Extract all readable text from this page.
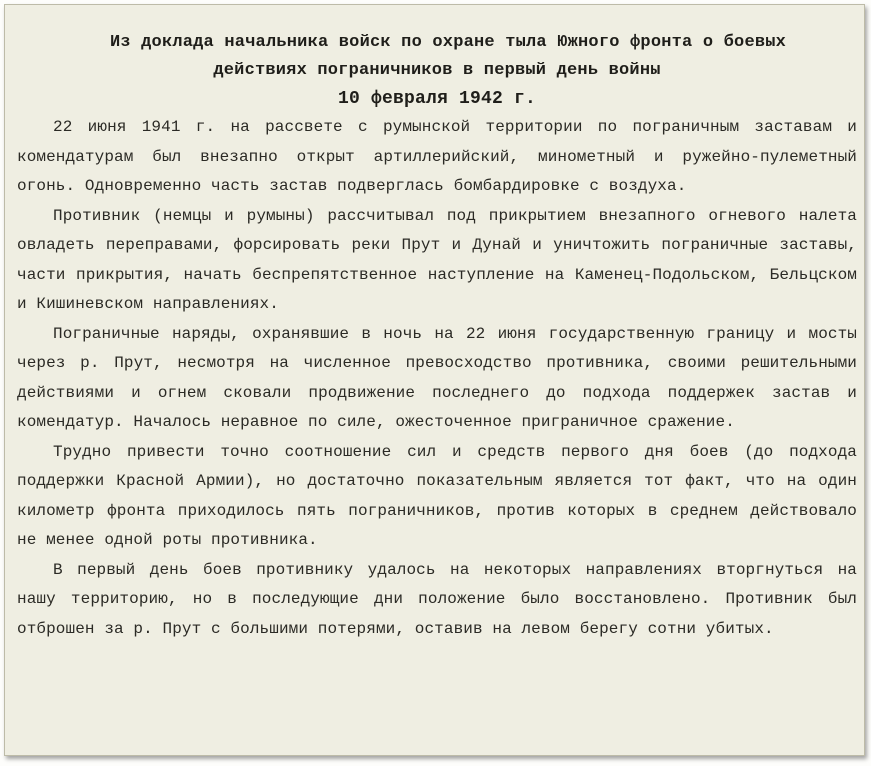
Из доклада начальника войск по охране тыла Южного фронта о боевых
действиях пограничников в первый день войны
10 февраля 1942 г.

22 июня 1941 г. на рассвете с румынской территории по пограничным заставам и комендатурам был внезапно открыт артиллерийский, минометный и ружейно-пулеметный огонь. Одновременно часть застав подверглась бомбардировке с воздуха.

Противник (немцы и румыны) рассчитывал под прикрытием внезапного огневого налета овладеть переправами, форсировать реки Прут и Дунай и уничтожить пограничные заставы, части прикрытия, начать беспрепятственное наступление на Каменец-Подольском, Бельцском и Кишиневском направлениях.

Пограничные наряды, охранявшие в ночь на 22 июня государственную границу и мосты через р. Прут, несмотря на численное превосходство противника, своими решительными действиями и огнем сковали продвижение последнего до подхода поддержек застав и комендатур. Началось неравное по силе, ожесточенное приграничное сражение.

Трудно привести точно соотношение сил и средств первого дня боев (до подхода поддержки Красной Армии), но достаточно показательным является тот факт, что на один километр фронта приходилось пять пограничников, против которых в среднем действовало не менее одной роты противника.

В первый день боев противнику удалось на некоторых направлениях вторгнуться на нашу территорию, но в последующие дни положение было восстановлено. Противник был отброшен за р. Прут с большими потерями, оставив на левом берегу сотни убитых.
